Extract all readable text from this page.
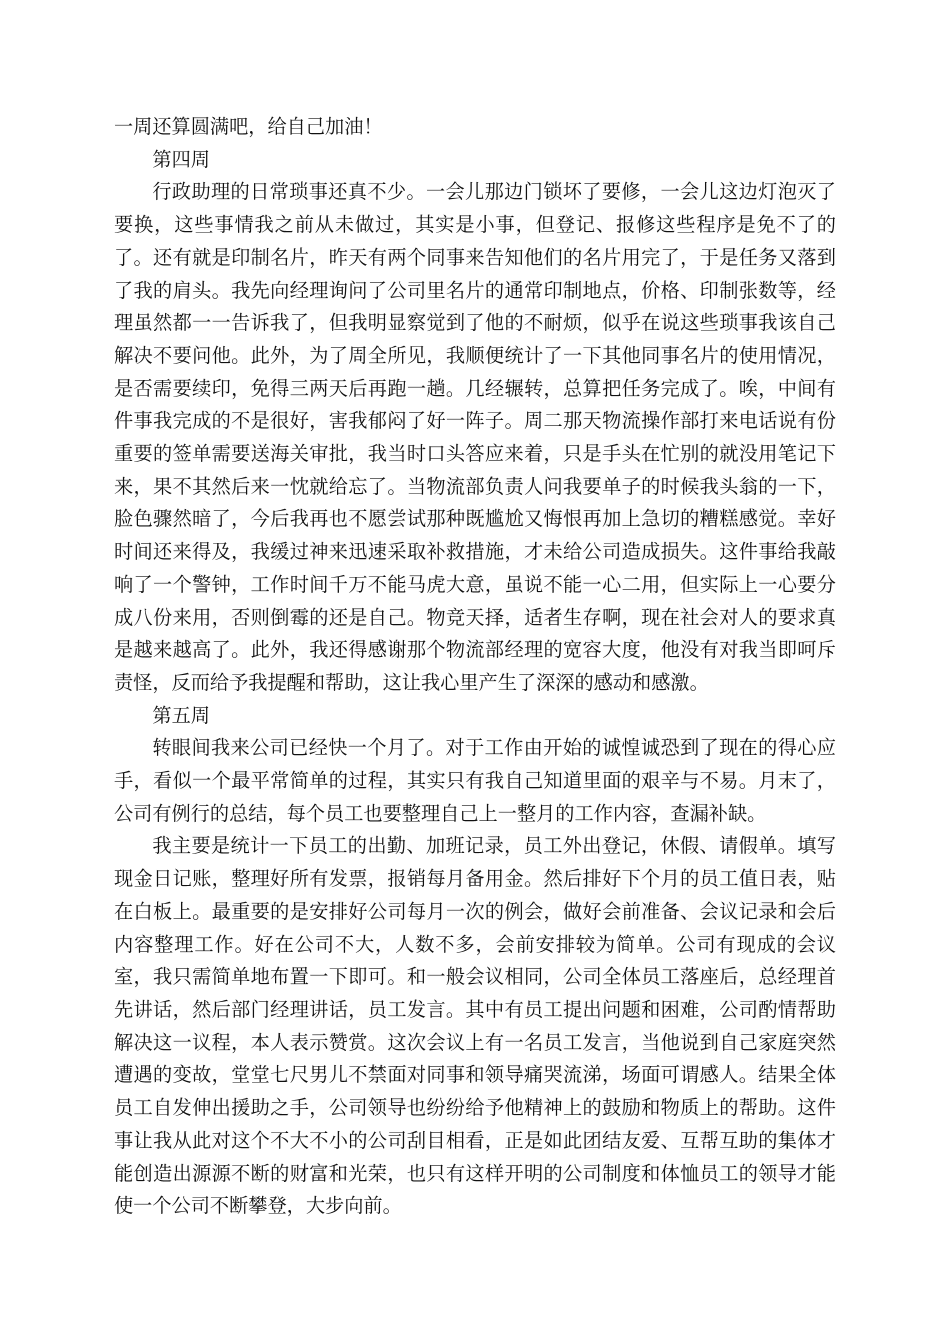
一周还算圆满吧，给自己加油！

第四周

行政助理的日常琐事还真不少。一会儿那边门锁坏了要修，一会儿这边灯泡灭了要换，这些事情我之前从未做过，其实是小事，但登记、报修这些程序是免不了的了。还有就是印制名片，昨天有两个同事来告知他们的名片用完了，于是任务又落到了我的肩头。我先向经理询问了公司里名片的通常印制地点，价格、印制张数等，经理虽然都一一告诉我了，但我明显察觉到了他的不耐烦，似乎在说这些琐事我该自己解决不要问他。此外，为了周全所见，我顺便统计了一下其他同事名片的使用情况，是否需要续印，免得三两天后再跑一趟。几经辗转，总算把任务完成了。唉，中间有件事我完成的不是很好，害我郁闷了好一阵子。周二那天物流操作部打来电话说有份重要的签单需要送海关审批，我当时口头答应来着，只是手头在忙别的就没用笔记下来，果不其然后来一忱就给忘了。当物流部负责人问我要单子的时候我头翁的一下，脸色骤然暗了，今后我再也不愿尝试那种既尴尬又悔恨再加上急切的糟糕感觉。幸好时间还来得及，我缓过神来迅速采取补救措施，才未给公司造成损失。这件事给我敲响了一个警钟，工作时间千万不能马虎大意，虽说不能一心二用，但实际上一心要分成八份来用，否则倒霉的还是自己。物竞天择，适者生存啊，现在社会对人的要求真是越来越高了。此外，我还得感谢那个物流部经理的宽容大度，他没有对我当即呵斥责怪，反而给予我提醒和帮助，这让我心里产生了深深的感动和感激。

第五周

转眼间我来公司已经快一个月了。对于工作由开始的诚惶诚恐到了现在的得心应手，看似一个最平常简单的过程，其实只有我自己知道里面的艰辛与不易。月末了，公司有例行的总结，每个员工也要整理自己上一整月的工作内容，查漏补缺。

我主要是统计一下员工的出勤、加班记录，员工外出登记，休假、请假单。填写现金日记账，整理好所有发票，报销每月备用金。然后排好下个月的员工值日表，贴在白板上。最重要的是安排好公司每月一次的例会，做好会前准备、会议记录和会后内容整理工作。好在公司不大，人数不多，会前安排较为简单。公司有现成的会议室，我只需简单地布置一下即可。和一般会议相同，公司全体员工落座后，总经理首先讲话，然后部门经理讲话，员工发言。其中有员工提出问题和困难，公司酌情帮助解决这一议程，本人表示赞赏。这次会议上有一名员工发言，当他说到自己家庭突然遭遇的变故，堂堂七尺男儿不禁面对同事和领导痛哭流涕，场面可谓感人。结果全体员工自发伸出援助之手，公司领导也纷纷给予他精神上的鼓励和物质上的帮助。这件事让我从此对这个不大不小的公司刮目相看，正是如此团结友爱、互帮互助的集体才能创造出源源不断的财富和光荣，也只有这样开明的公司制度和体恤员工的领导才能使一个公司不断攀登，大步向前。
